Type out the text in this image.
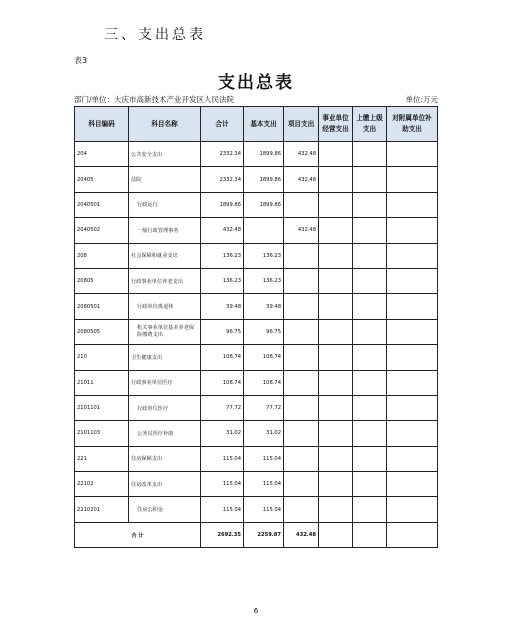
三、支出总表
表3
支出总表
部门/单位：大庆市高新技术产业开发区人民法院	单位:万元
科目编码	科目名称	合计	基本支出	项目支出	事业单位经营支出	上缴上级支出	对附属单位补助支出
204	公共安全支出	2332.34	1899.86	432.48			
20405	法院	2332.34	1899.86	432.48			
2040501	行政运行	1899.86	1899.86				
2040502	一般行政管理事务	432.48		432.48			
208	社会保障和就业支出	136.23	136.23				
20805	行政事业单位养老支出	136.23	136.23				
2080501	行政单位离退休	39.48	39.48				
2080505	机关事业单位基本养老保险缴费支出	96.75	96.75				
210	卫生健康支出	108.74	108.74				
21011	行政事业单位医疗	108.74	108.74				
2101101	行政单位医疗	77.72	77.72				
2101103	公务员医疗补助	31.02	31.02				
221	住房保障支出	115.04	115.04				
22102	住房改革支出	115.04	115.04				
2210201	住房公积金	115.04	115.04				
合 计		2692.35	2259.87	432.48			
6
